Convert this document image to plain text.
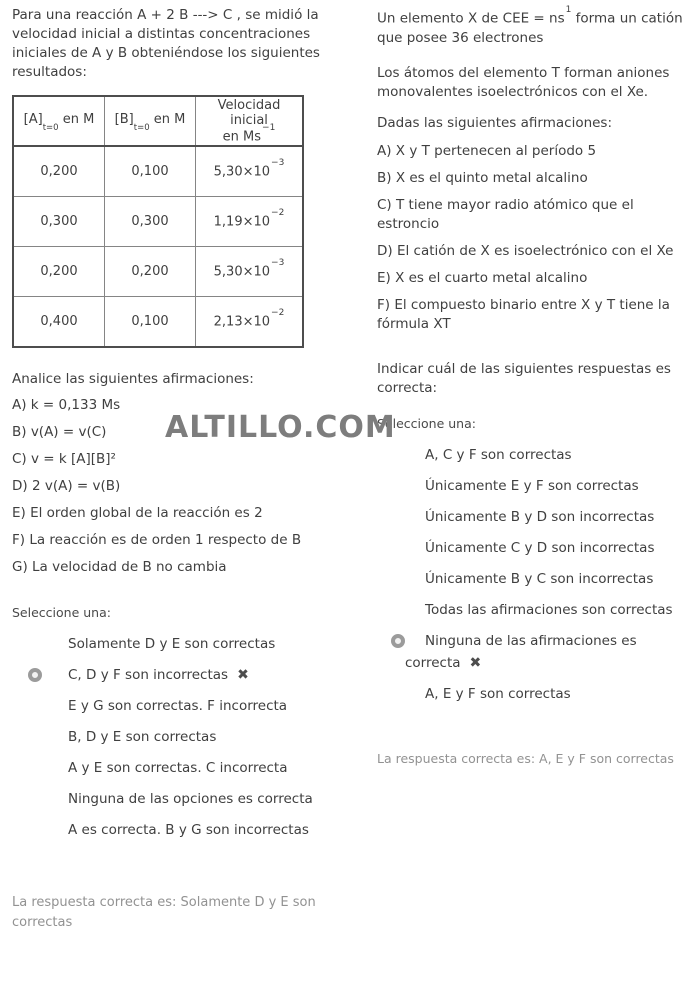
ALTILLO.COM

Para una reacción A + 2 B ---> C , se midió la velocidad inicial a distintas concentraciones iniciales de A y B obteniéndose los siguientes resultados:

$[A]_{t=0}$ en M	$[B]_{t=0}$ en M	Velocidad inicial
en $Ms^{-1}$
0,200	0,100	$5,30\times 10^{-3}$
0,300	0,300	$1,19\times 10^{-2}$
0,200	0,200	$5,30\times 10^{-3}$
0,400	0,100	$2,13\times 10^{-2}$

Analice las siguientes afirmaciones:

A) k = 0,133 Ms

B) v(A) = v(C)

C) v = k [A][B]²

D) 2 v(A) = v(B)

E) El orden global de la reacción es 2

F) La reacción es de orden 1 respecto de B

G) La velocidad de B no cambia

Seleccione una:

Solamente D y E son correctas
C, D y F son incorrectas ✖
E y G son correctas. F incorrecta
B, D y E son correctas
A y E son correctas. C incorrecta
Ninguna de las opciones es correcta
A es correcta. B y G son incorrectas

La respuesta correcta es: Solamente D y E son correctas

Un elemento X de CEE = $ns^1$ forma un catión que posee 36 electrones

Los átomos del elemento T forman aniones monovalentes isoelectrónicos con el Xe.

Dadas las siguientes afirmaciones:

A) X y T pertenecen al período 5

B) X es el quinto metal alcalino

C) T tiene mayor radio atómico que el estroncio

D) El catión de X es isoelectrónico con el Xe

E) X es el cuarto metal alcalino

F) El compuesto binario entre X y T tiene la fórmula XT

Indicar cuál de las siguientes respuestas es correcta:

Seleccione una:

A, C y F son correctas
Únicamente E y F son correctas
Únicamente B y D son incorrectas
Únicamente C y D son incorrectas
Únicamente B y C son incorrectas
Todas las afirmaciones son correctas
Ninguna de las afirmaciones es correcta ✖
A, E y F son correctas

La respuesta correcta es: A, E y F son correctas
